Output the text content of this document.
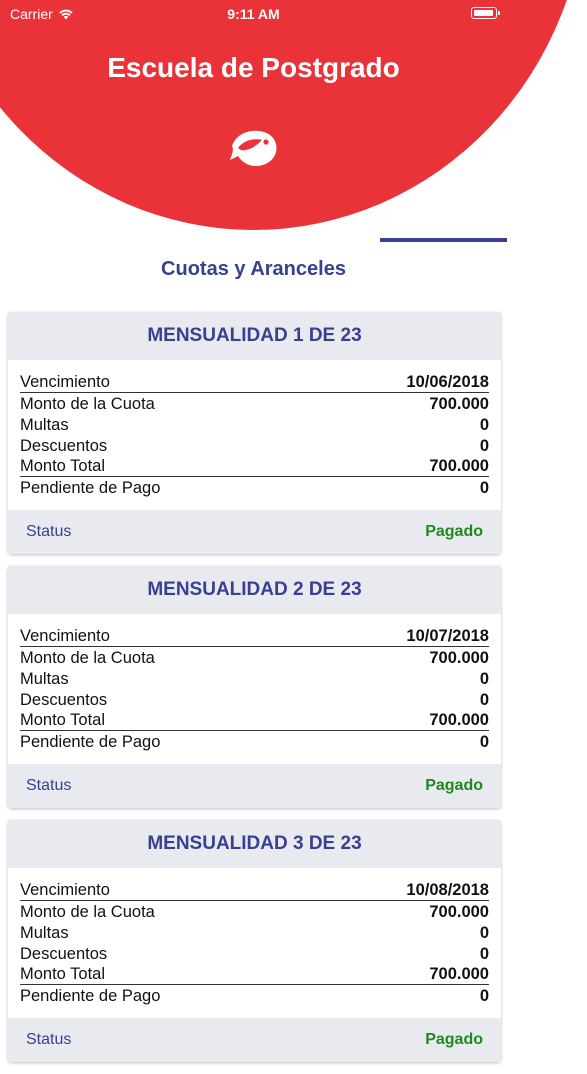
Carrier	9:11 AM
Escuela de Postgrado
Cuotas y Aranceles
MENSUALIDAD 1 DE 23
Vencimiento	10/06/2018
Monto de la Cuota	700.000
Multas	0
Descuentos	0
Monto Total	700.000
Pendiente de Pago	0
Status	Pagado
MENSUALIDAD 2 DE 23
Vencimiento	10/07/2018
Monto de la Cuota	700.000
Multas	0
Descuentos	0
Monto Total	700.000
Pendiente de Pago	0
Status	Pagado
MENSUALIDAD 3 DE 23
Vencimiento	10/08/2018
Monto de la Cuota	700.000
Multas	0
Descuentos	0
Monto Total	700.000
Pendiente de Pago	0
Status	Pagado
